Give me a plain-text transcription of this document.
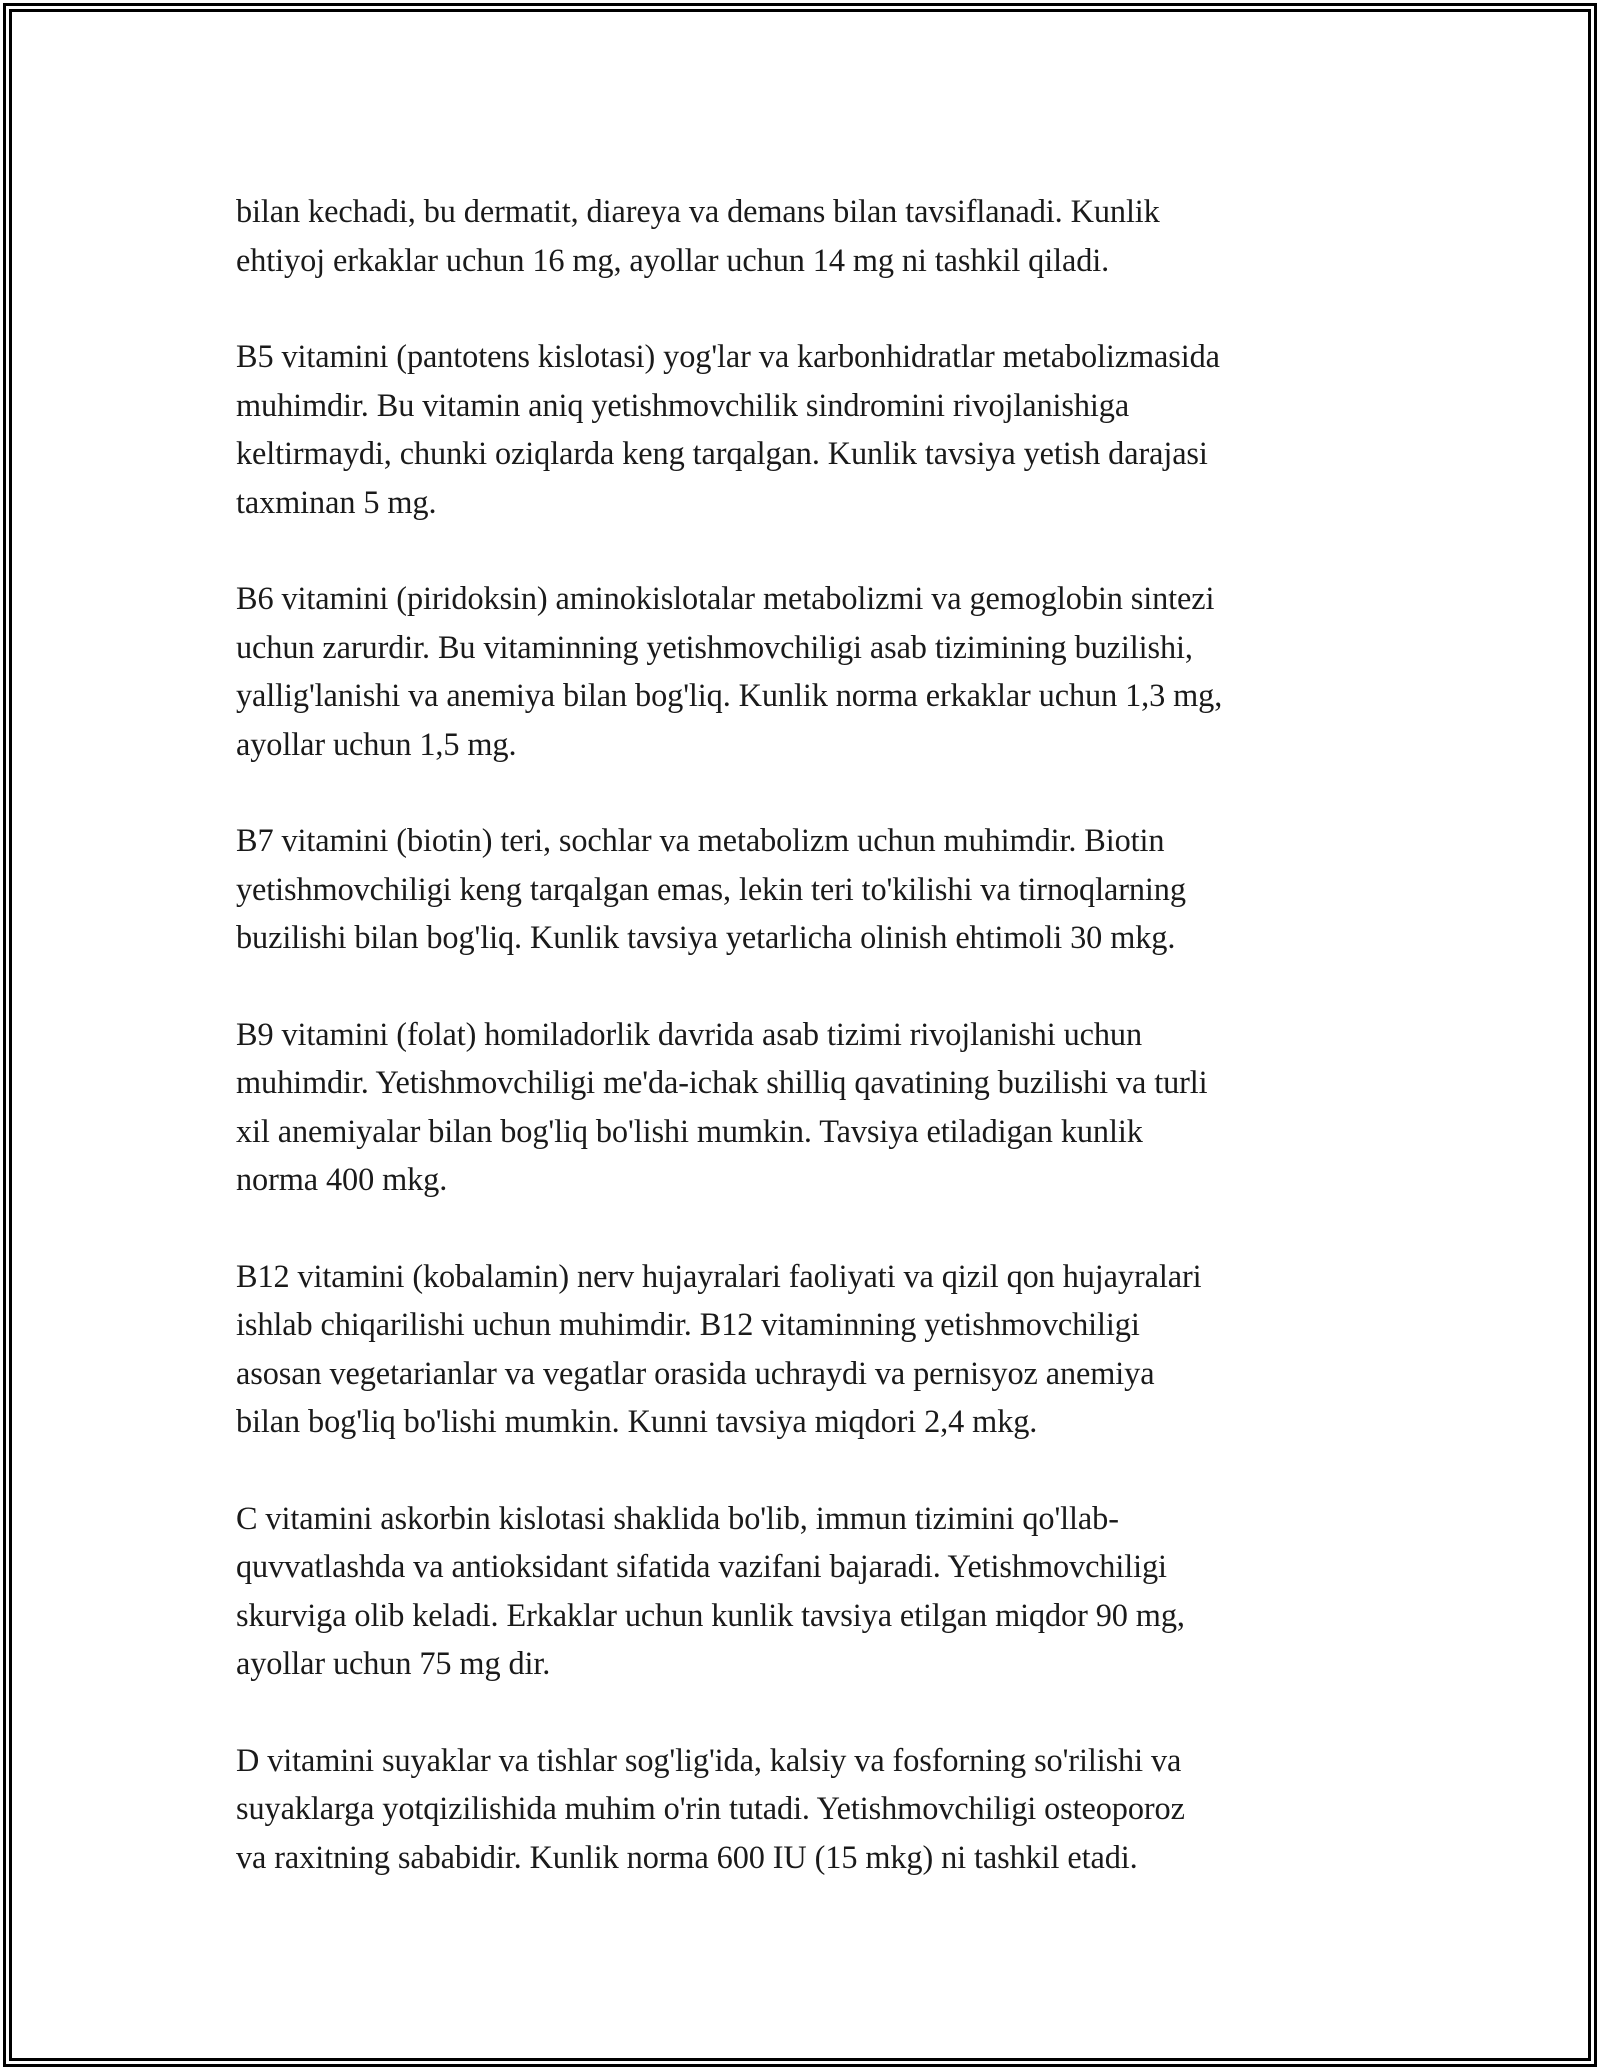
bilan kechadi, bu dermatit, diareya va demans bilan tavsiflanadi. Kunlik
ehtiyoj erkaklar uchun 16 mg, ayollar uchun 14 mg ni tashkil qiladi.

B5 vitamini (pantotens kislotasi) yog'lar va karbonhidratlar metabolizmasida
muhimdir. Bu vitamin aniq yetishmovchilik sindromini rivojlanishiga
keltirmaydi, chunki oziqlarda keng tarqalgan. Kunlik tavsiya yetish darajasi
taxminan 5 mg.

B6 vitamini (piridoksin) aminokislotalar metabolizmi va gemoglobin sintezi
uchun zarurdir. Bu vitaminning yetishmovchiligi asab tizimining buzilishi,
yallig'lanishi va anemiya bilan bog'liq. Kunlik norma erkaklar uchun 1,3 mg,
ayollar uchun 1,5 mg.

B7 vitamini (biotin) teri, sochlar va metabolizm uchun muhimdir. Biotin
yetishmovchiligi keng tarqalgan emas, lekin teri to'kilishi va tirnoqlarning
buzilishi bilan bog'liq. Kunlik tavsiya yetarlicha olinish ehtimoli 30 mkg.

B9 vitamini (folat) homiladorlik davrida asab tizimi rivojlanishi uchun
muhimdir. Yetishmovchiligi me'da-ichak shilliq qavatining buzilishi va turli
xil anemiyalar bilan bog'liq bo'lishi mumkin. Tavsiya etiladigan kunlik
norma 400 mkg.

B12 vitamini (kobalamin) nerv hujayralari faoliyati va qizil qon hujayralari
ishlab chiqarilishi uchun muhimdir. B12 vitaminning yetishmovchiligi
asosan vegetarianlar va vegatlar orasida uchraydi va pernisyoz anemiya
bilan bog'liq bo'lishi mumkin. Kunni tavsiya miqdori 2,4 mkg.

C vitamini askorbin kislotasi shaklida bo'lib, immun tizimini qo'llab-
quvvatlashda va antioksidant sifatida vazifani bajaradi. Yetishmovchiligi
skurviga olib keladi. Erkaklar uchun kunlik tavsiya etilgan miqdor 90 mg,
ayollar uchun 75 mg dir.

D vitamini suyaklar va tishlar sog'lig'ida, kalsiy va fosforning so'rilishi va
suyaklarga yotqizilishida muhim o'rin tutadi. Yetishmovchiligi osteoporoz
va raxitning sababidir. Kunlik norma 600 IU (15 mkg) ni tashkil etadi.
